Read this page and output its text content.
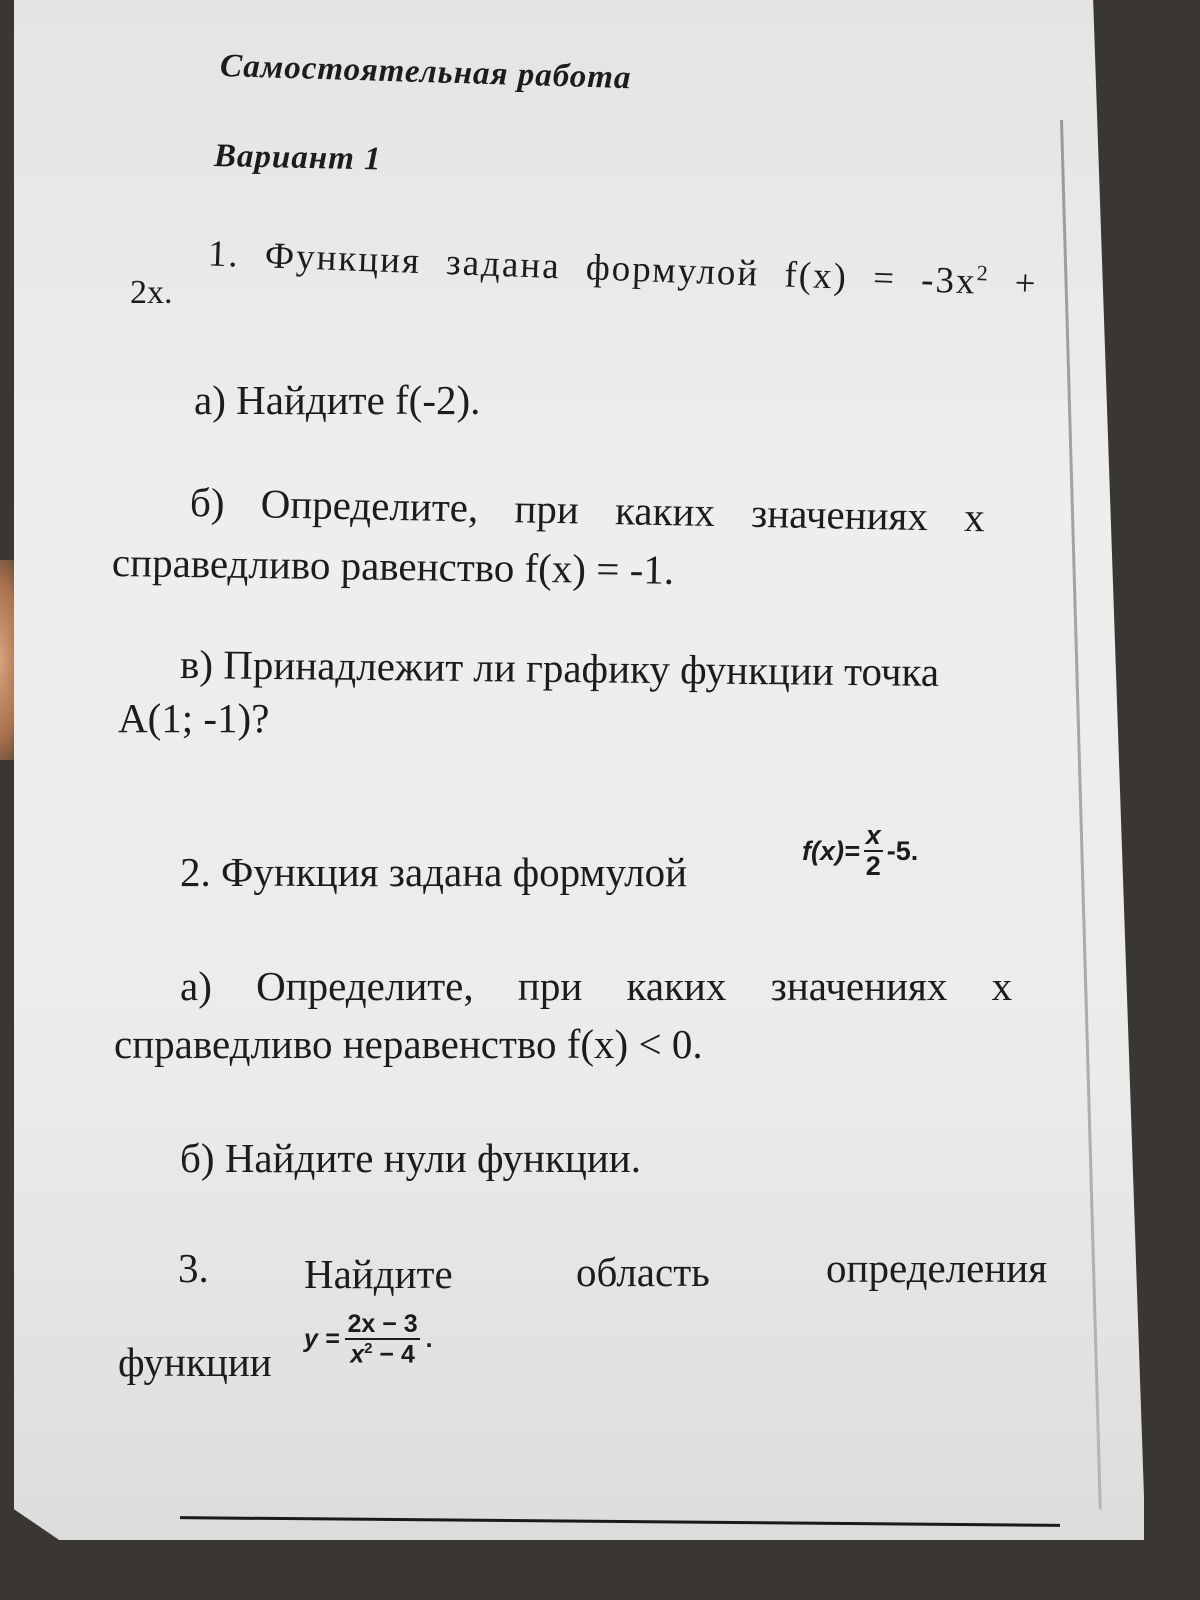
Самостоятельная работа
Вариант 1
1. Функция задана формулой $f(x) = -3x^2$ +
2x.
а) Найдите f(-2).
б) Определите, при каких значениях x
справедливо равенство f(x) = -1.
в) Принадлежит ли графику функции точка
A(1; -1)?
2. Функция задана формулой	$f(x)= \frac{x}{2} -5$.
а) Определите, при каких значениях x
справедливо неравенство f(x) < 0.
б) Найдите нули функции.
3. Найдите	область	определения
функции $y = \frac{2x - 3}{x^2 - 4}$ .
